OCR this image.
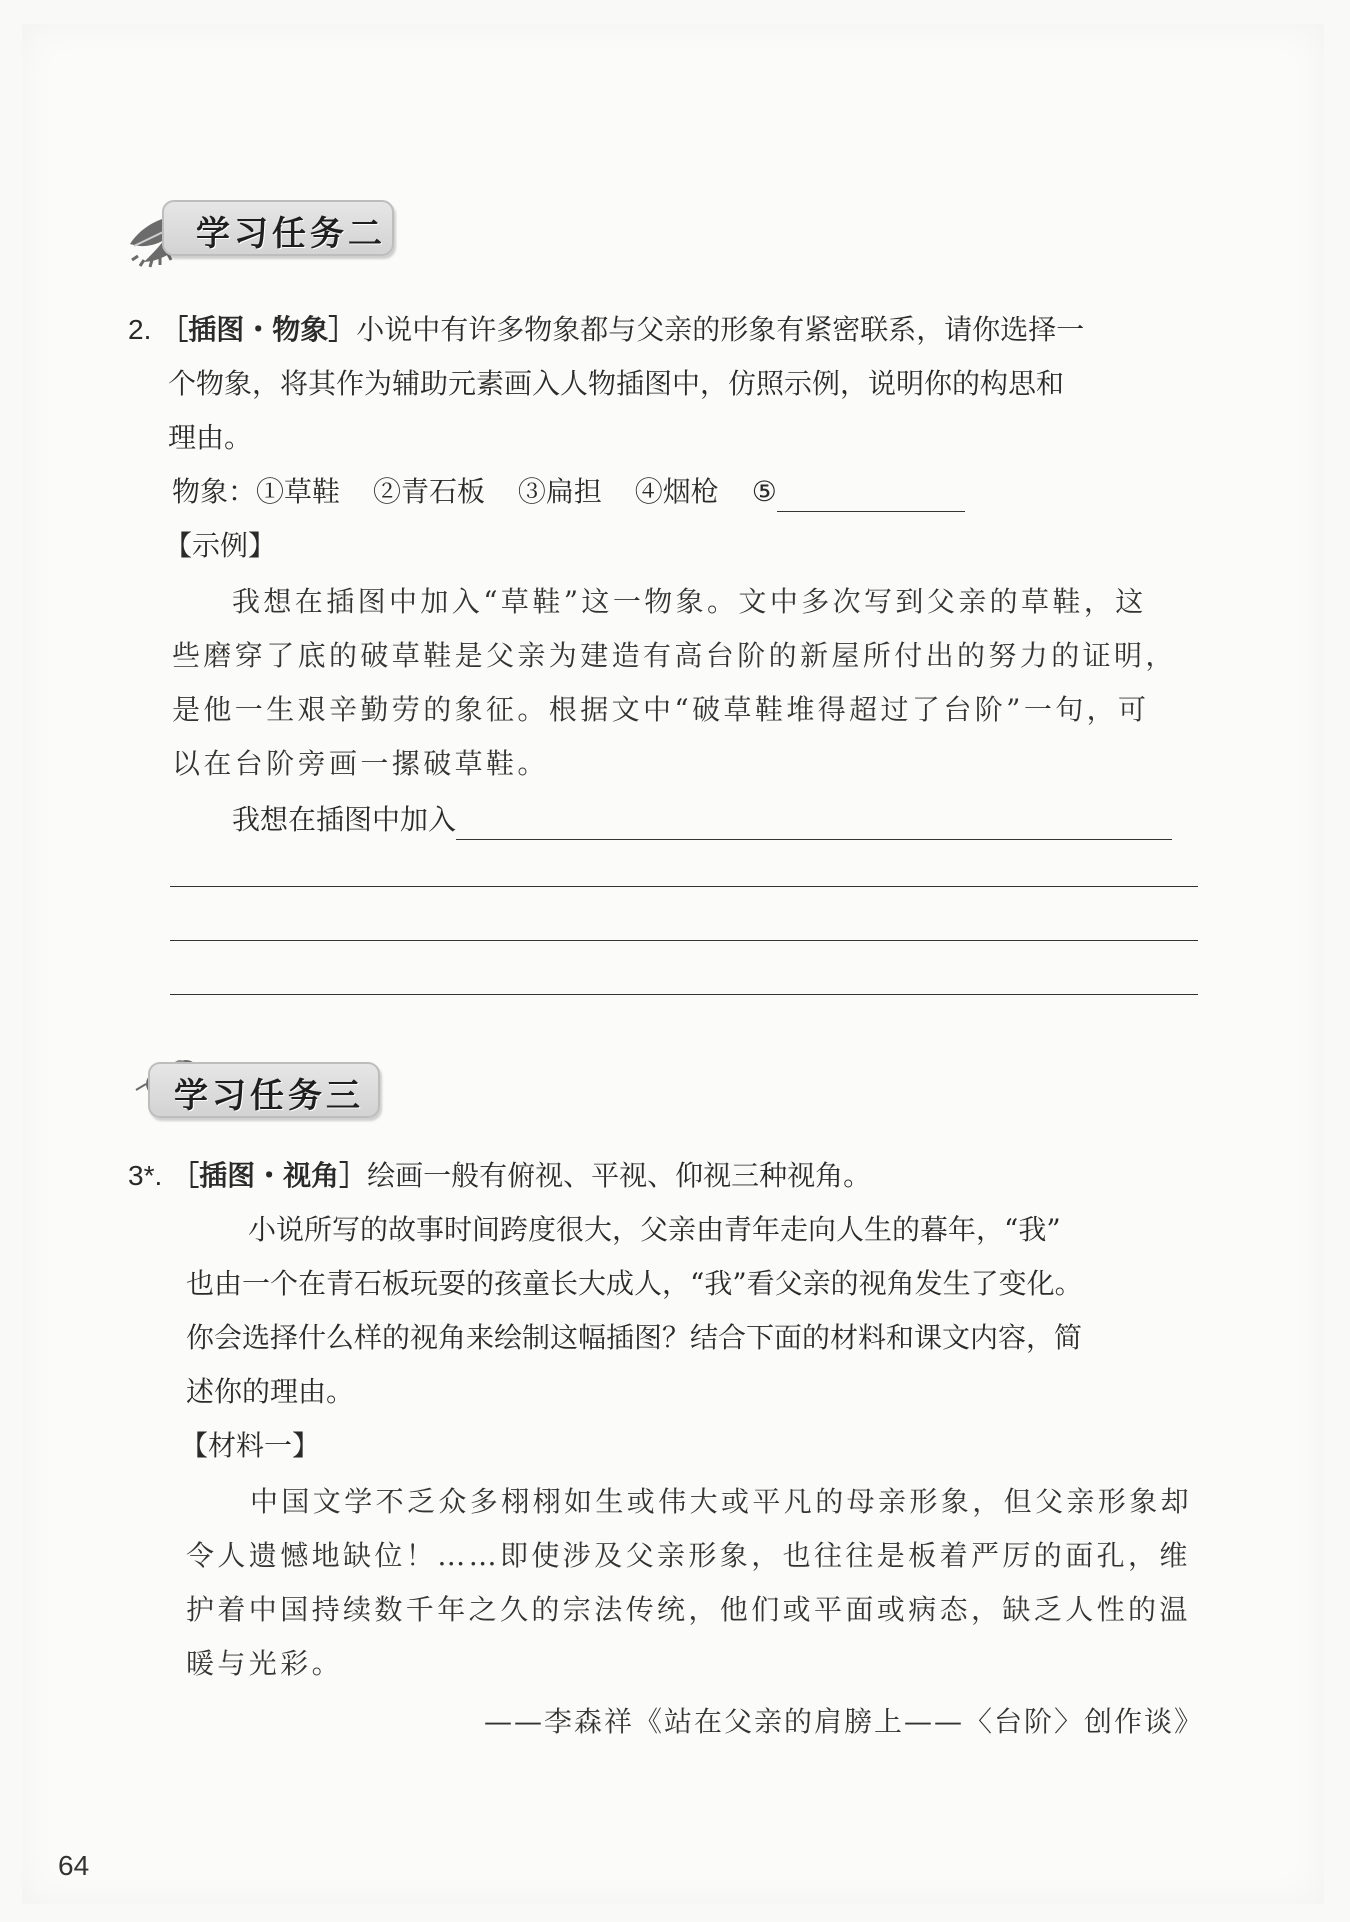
学习任务二
2. ［插图・物象］小说中有许多物象都与父亲的形象有紧密联系，请你选择一
个物象，将其作为辅助元素画入人物插图中，仿照示例，说明你的构思和
理由。
物象：①草鞋 ②青石板 ③扁担 ④烟枪 ⑤
【示例】
我想在插图中加入“草鞋”这一物象。文中多次写到父亲的草鞋，这
些磨穿了底的破草鞋是父亲为建造有高台阶的新屋所付出的努力的证明，
是他一生艰辛勤劳的象征。根据文中“破草鞋堆得超过了台阶”一句，可
以在台阶旁画一摞破草鞋。
我想在插图中加入
学习任务三
3*. ［插图・视角］绘画一般有俯视、平视、仰视三种视角。
小说所写的故事时间跨度很大，父亲由青年走向人生的暮年，“我”
也由一个在青石板玩耍的孩童长大成人，“我”看父亲的视角发生了变化。
你会选择什么样的视角来绘制这幅插图？结合下面的材料和课文内容，简
述你的理由。
【材料一】
中国文学不乏众多栩栩如生或伟大或平凡的母亲形象，但父亲形象却
令人遗憾地缺位！……即使涉及父亲形象，也往往是板着严厉的面孔，维
护着中国持续数千年之久的宗法传统，他们或平面或病态，缺乏人性的温
暖与光彩。
——李森祥《站在父亲的肩膀上——〈台阶〉创作谈》
64
